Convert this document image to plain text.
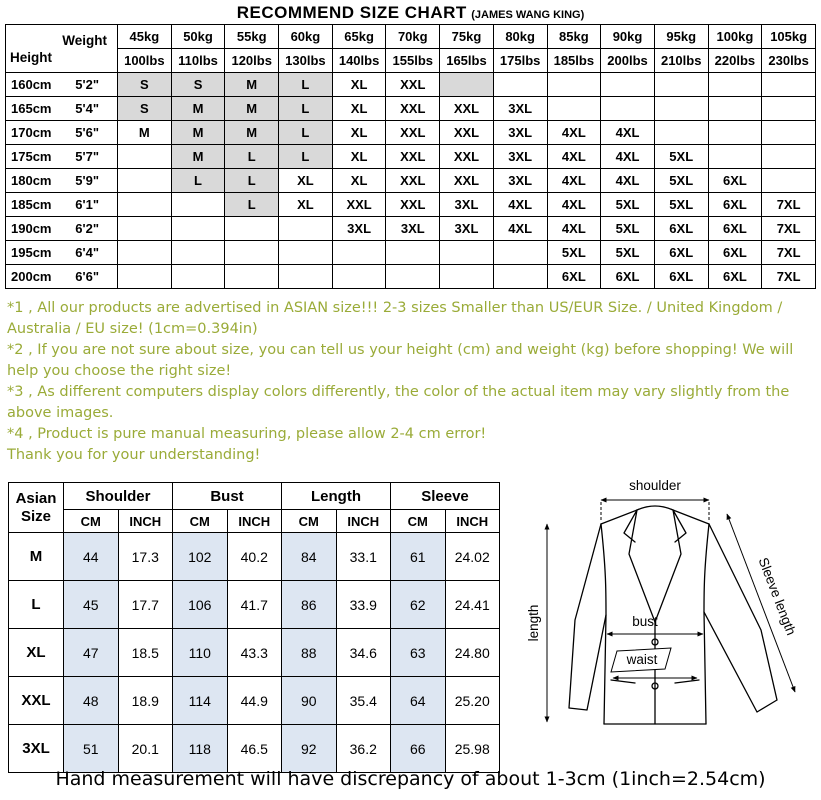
RECOMMEND SIZE CHART (JAMES WANG KING)
Weight
Height	45kg	50kg	55kg	60kg	65kg	70kg	75kg	80kg	85kg	90kg	95kg	100kg	105kg
	100lbs	110lbs	120lbs	130lbs	140lbs	155lbs	165lbs	175lbs	185lbs	200lbs	210lbs	220lbs	230lbs

160cm 5'2"	S	S	M	L	XL	XXL							

165cm 5'4"	S	M	M	L	XL	XXL	XXL	3XL					

170cm 5'6"	M	M	M	L	XL	XXL	XXL	3XL	4XL	4XL			

175cm 5'7"		M	L	L	XL	XXL	XXL	3XL	4XL	4XL	5XL		

180cm 5'9"		L	L	XL	XL	XXL	XXL	3XL	4XL	4XL	5XL	6XL	

185cm 6'1"			L	XL	XXL	XXL	3XL	4XL	4XL	5XL	5XL	6XL	7XL

190cm 6'2"					3XL	3XL	3XL	4XL	4XL	5XL	6XL	6XL	7XL

195cm 6'4"									5XL	5XL	6XL	6XL	7XL

200cm 6'6"									6XL	6XL	6XL	6XL	7XL

*1 , All our products are advertised in ASIAN size!!! 2-3 sizes Smaller than US/EUR Size. / United Kingdom / Australia / EU size! (1cm=0.394in)

*2 , If you are not sure about size, you can tell us your height (cm) and weight (kg) before shopping! We will help you choose the right size!

*3 , As different computers display colors differently, the color of the actual item may vary slightly from the above images.

*4 , Product is pure manual measuring, please allow 2-4 cm error!

Thank you for your understanding!

Asian Size	Shoulder		Bust		Length		Sleeve	
	CM	INCH	CM	INCH	CM	INCH	CM	INCH
M	44	17.3	102	40.2	84	33.1	61	24.02
L	45	17.7	106	41.7	86	33.9	62	24.41
XL	47	18.5	110	43.3	88	34.6	63	24.80
XXL	48	18.9	114	44.9	90	35.4	64	25.20
3XL	51	20.1	118	46.5	92	36.2	66	25.98
shoulder
length	bust
waist
Sleeve length
Hand measurement will have discrepancy of about 1-3cm (1inch=2.54cm)
